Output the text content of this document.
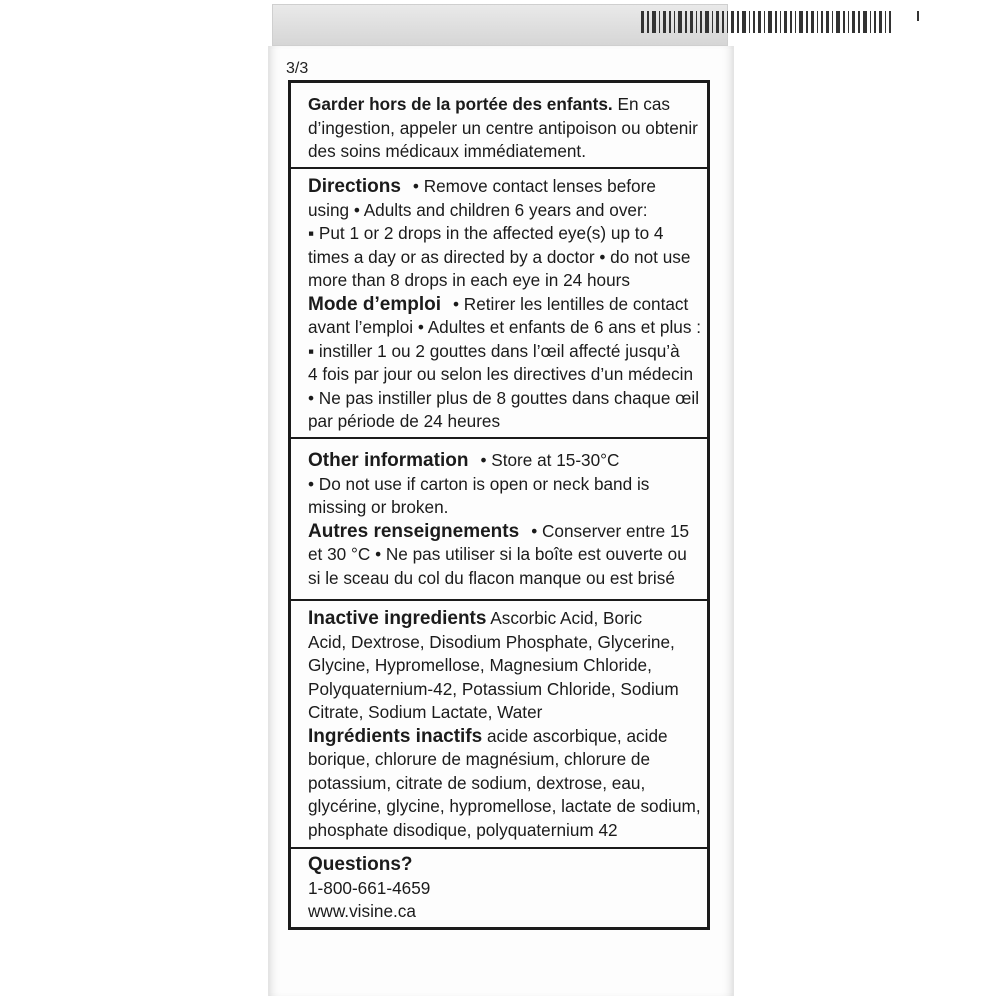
3/3
Garder hors de la portée des enfants. En cas
d’ingestion, appeler un centre antipoison ou obtenir
des soins médicaux immédiatement.
Directions • Remove contact lenses before
using • Adults and children 6 years and over:
▪ Put 1 or 2 drops in the affected eye(s) up to 4
times a day or as directed by a doctor • do not use
more than 8 drops in each eye in 24 hours
Mode d’emploi • Retirer les lentilles de contact
avant l’emploi • Adultes et enfants de 6 ans et plus :
▪ instiller 1 ou 2 gouttes dans l’œil affecté jusqu’à
4 fois par jour ou selon les directives d’un médecin
• Ne pas instiller plus de 8 gouttes dans chaque œil
par période de 24 heures
Other information • Store at 15-30°C
• Do not use if carton is open or neck band is
missing or broken.
Autres renseignements • Conserver entre 15
et 30 °C • Ne pas utiliser si la boîte est ouverte ou
si le sceau du col du flacon manque ou est brisé
Inactive ingredients Ascorbic Acid, Boric
Acid, Dextrose, Disodium Phosphate, Glycerine,
Glycine, Hypromellose, Magnesium Chloride,
Polyquaternium-42, Potassium Chloride, Sodium
Citrate, Sodium Lactate, Water
Ingrédients inactifs acide ascorbique, acide
borique, chlorure de magnésium, chlorure de
potassium, citrate de sodium, dextrose, eau,
glycérine, glycine, hypromellose, lactate de sodium,
phosphate disodique, polyquaternium 42
Questions?
1-800-661-4659
www.visine.ca
